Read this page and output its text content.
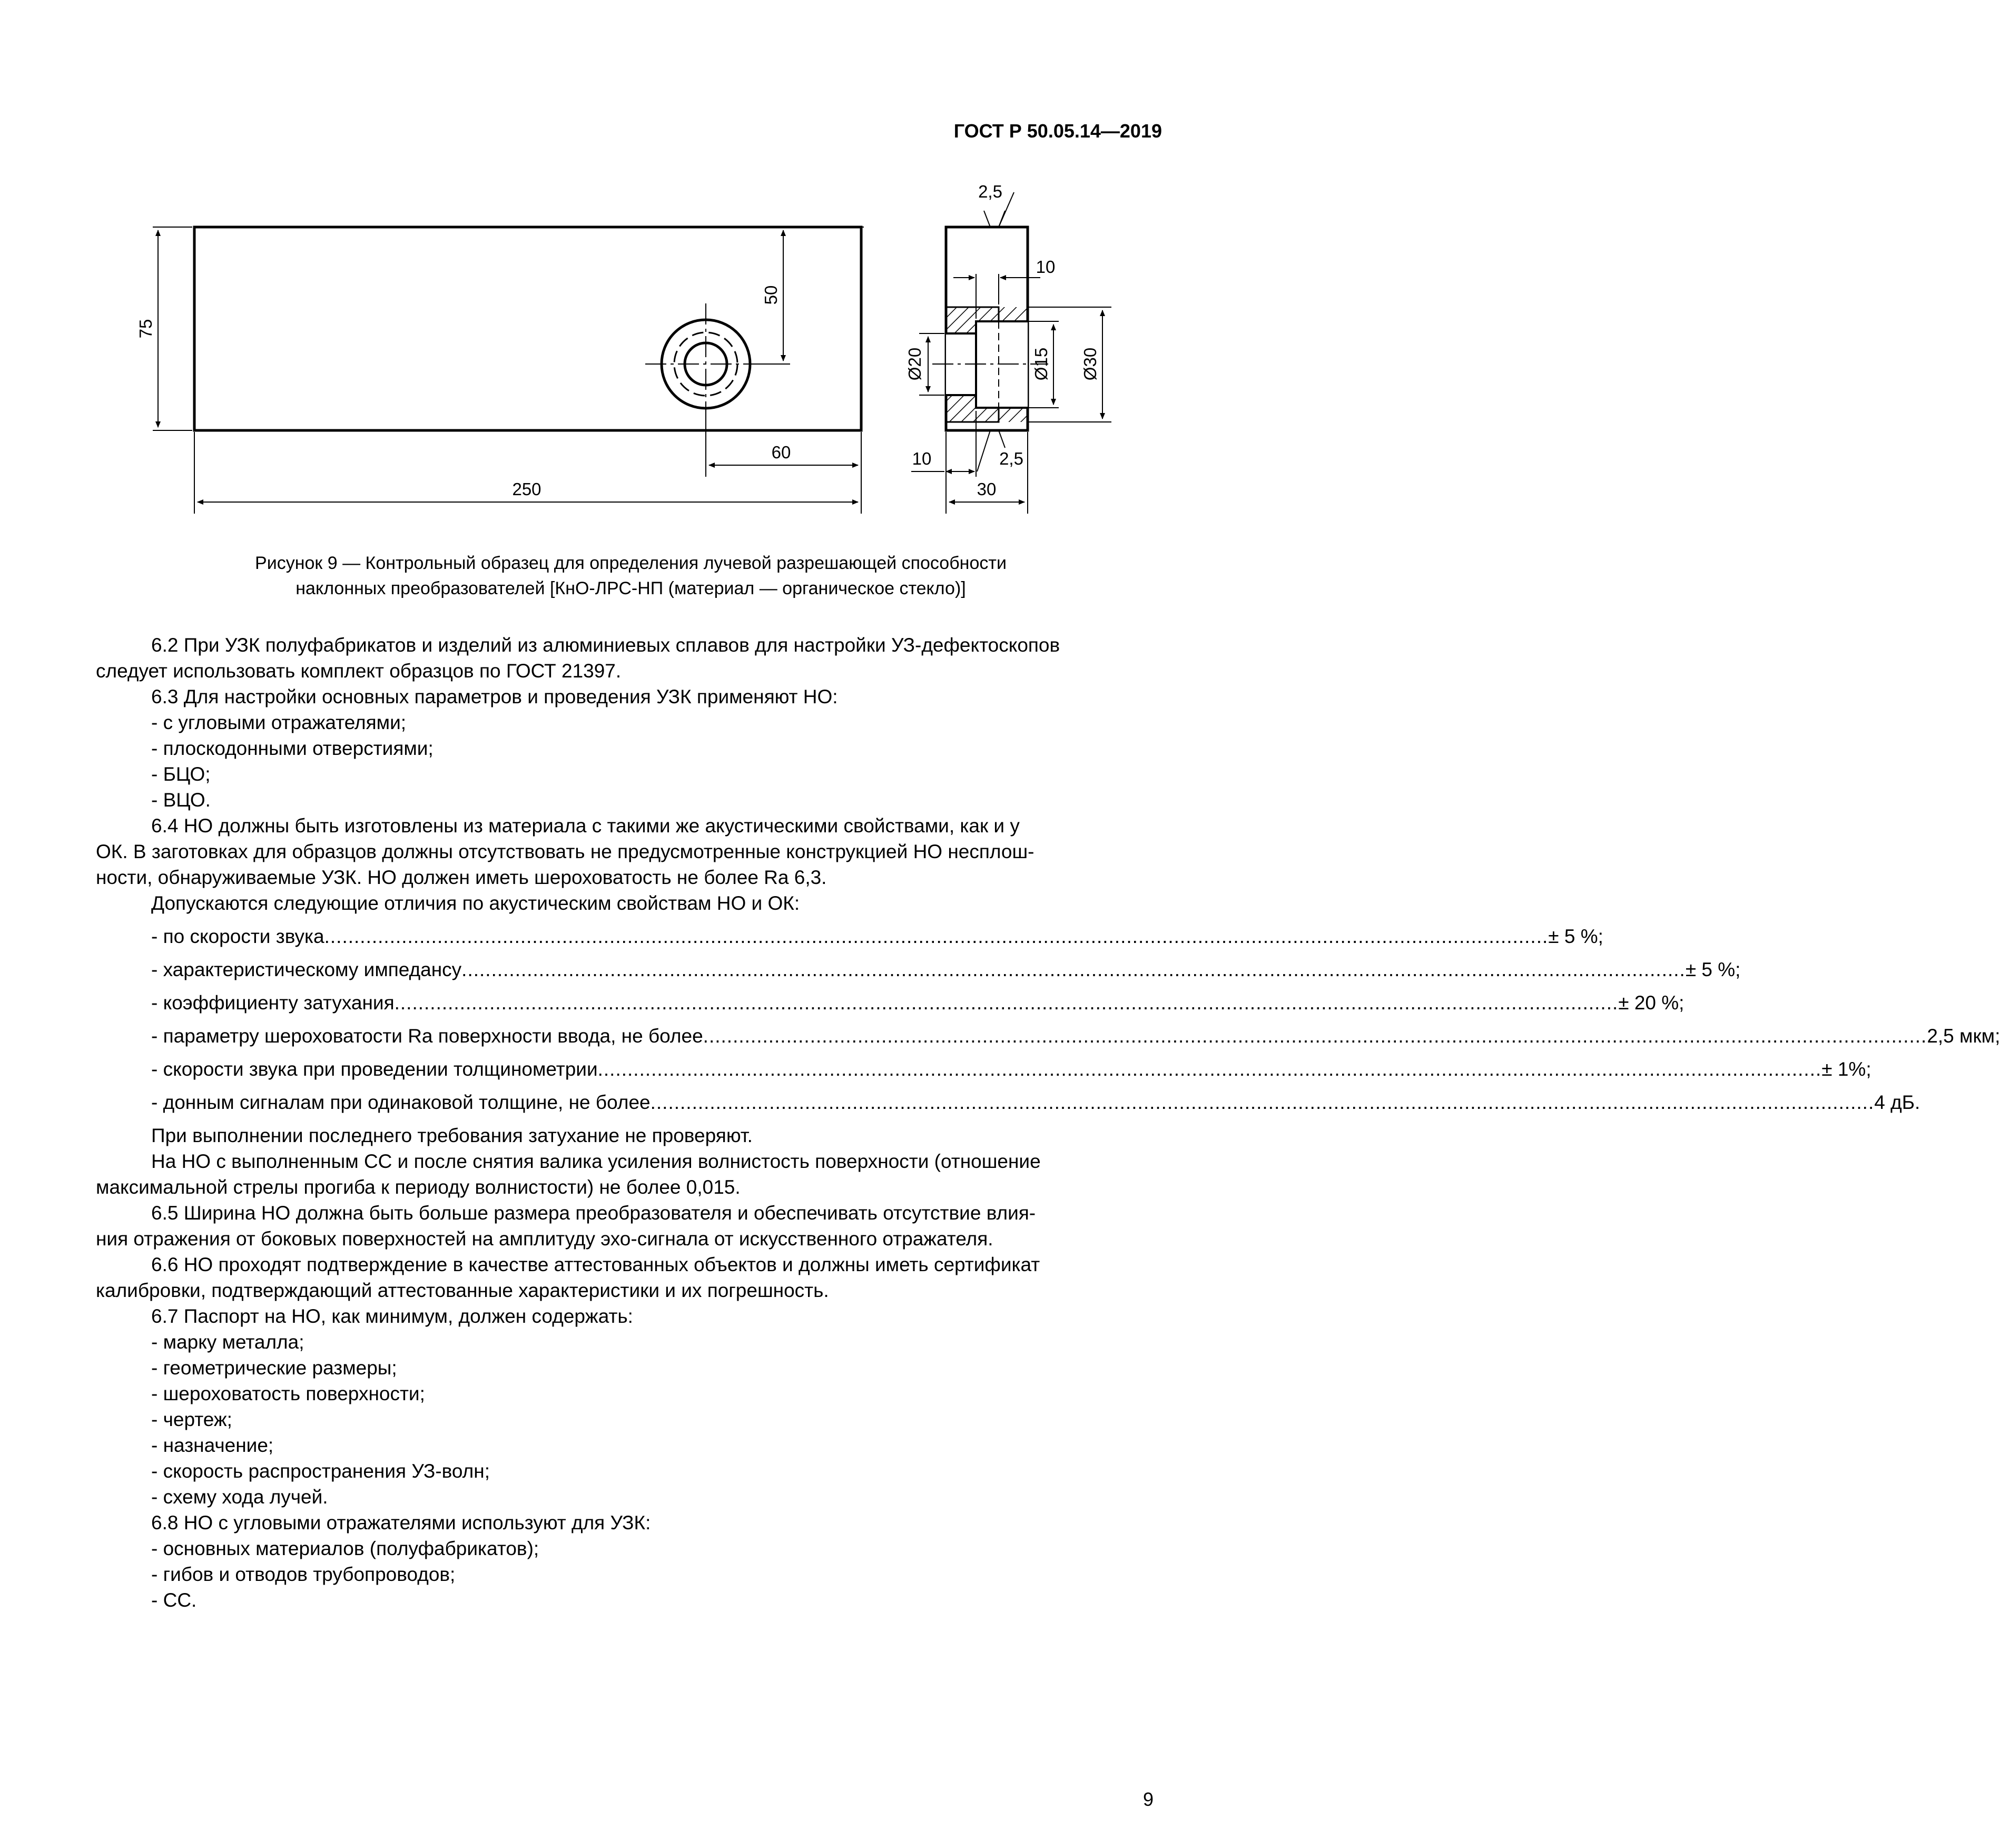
ГОСТ Р 50.05.14—2019
75
50
60
250
2,5
10
Ø20	Ø15 Ø30
10	2,5
30
Рисунок 9 — Контрольный образец для определения лучевой разрешающей способности
наклонных преобразователей [КнО-ЛРС-НП (материал — органическое стекло)]

6.2 При УЗК полуфабрикатов и изделий из алюминиевых сплавов для настройки УЗ-дефектоскопов

следует использовать комплект образцов по ГОСТ 21397.

6.3 Для настройки основных параметров и проведения УЗК применяют НО:

- с угловыми отражателями;

- плоскодонными отверстиями;

- БЦО;

- ВЦО.

6.4 НО должны быть изготовлены из материала с такими же акустическими свойствами, как и у

ОК. В заготовках для образцов должны отсутствовать не предусмотренные конструкцией НО несплош-

ности, обнаруживаемые УЗК. НО должен иметь шероховатость не более Ra 6,3.

Допускаются следующие отличия по акустическим свойствам НО и ОК:

- по скорости звука .............................................................................................................................................................................................................. ± 5 %;
- характеристическому импедансу .............................................................................................................................................................................................................. ± 5 %;
- коэффициенту затухания .............................................................................................................................................................................................................. ± 20 %;
- параметру шероховатости Ra поверхности ввода, не более .............................................................................................................................................................................................................. 2,5 мкм;
- скорости звука при проведении толщинометрии .............................................................................................................................................................................................................. ± 1%;
- донным сигналам при одинаковой толщине, не более .............................................................................................................................................................................................................. 4 дБ.

При выполнении последнего требования затухание не проверяют.

На НО с выполненным СС и после снятия валика усиления волнистость поверхности (отношение

максимальной стрелы прогиба к периоду волнистости) не более 0,015.

6.5 Ширина НО должна быть больше размера преобразователя и обеспечивать отсутствие влия-

ния отражения от боковых поверхностей на амплитуду эхо-сигнала от искусственного отражателя.

6.6 НО проходят подтверждение в качестве аттестованных объектов и должны иметь сертификат

калибровки, подтверждающий аттестованные характеристики и их погрешность.

6.7 Паспорт на НО, как минимум, должен содержать:

- марку металла;

- геометрические размеры;

- шероховатость поверхности;

- чертеж;

- назначение;

- скорость распространения УЗ-волн;

- схему хода лучей.

6.8 НО с угловыми отражателями используют для УЗК:

- основных материалов (полуфабрикатов);

- гибов и отводов трубопроводов;

- СС.

9
